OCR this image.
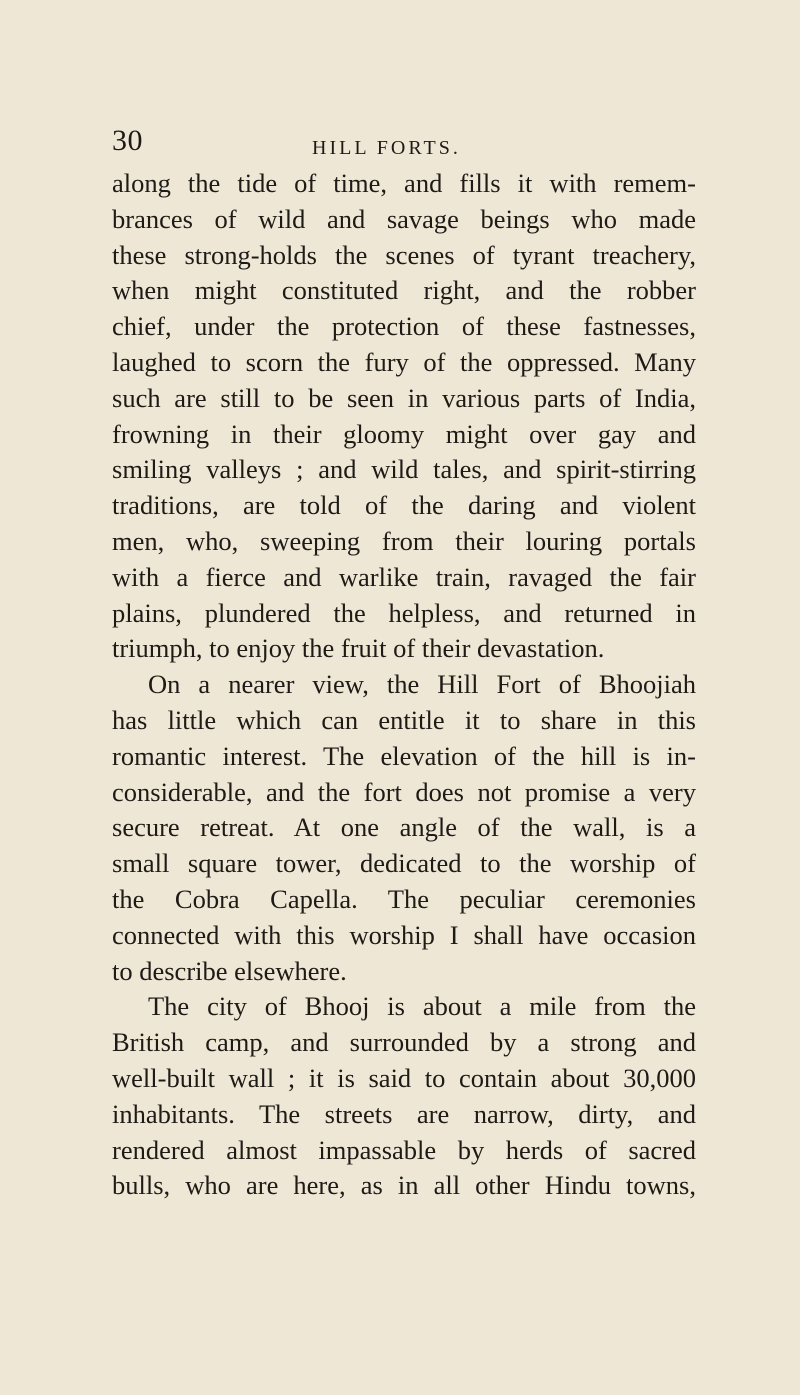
30	HILL FORTS.
along the tide of time, and fills it with remem-
brances of wild and savage beings who made
these strong-holds the scenes of tyrant treachery,
when might constituted right, and the robber
chief, under the protection of these fastnesses,
laughed to scorn the fury of the oppressed. Many
such are still to be seen in various parts of India,
frowning in their gloomy might over gay and
smiling valleys ; and wild tales, and spirit-stirring
traditions, are told of the daring and violent
men, who, sweeping from their louring portals
with a fierce and warlike train, ravaged the fair
plains, plundered the helpless, and returned in
triumph, to enjoy the fruit of their devastation.
On a nearer view, the Hill Fort of Bhoojiah
has little which can entitle it to share in this
romantic interest. The elevation of the hill is in-
considerable, and the fort does not promise a very
secure retreat. At one angle of the wall, is a
small square tower, dedicated to the worship of
the Cobra Capella. The peculiar ceremonies
connected with this worship I shall have occasion
to describe elsewhere.
The city of Bhooj is about a mile from the
British camp, and surrounded by a strong and
well-built wall ; it is said to contain about 30,000
inhabitants. The streets are narrow, dirty, and
rendered almost impassable by herds of sacred
bulls, who are here, as in all other Hindu towns,
